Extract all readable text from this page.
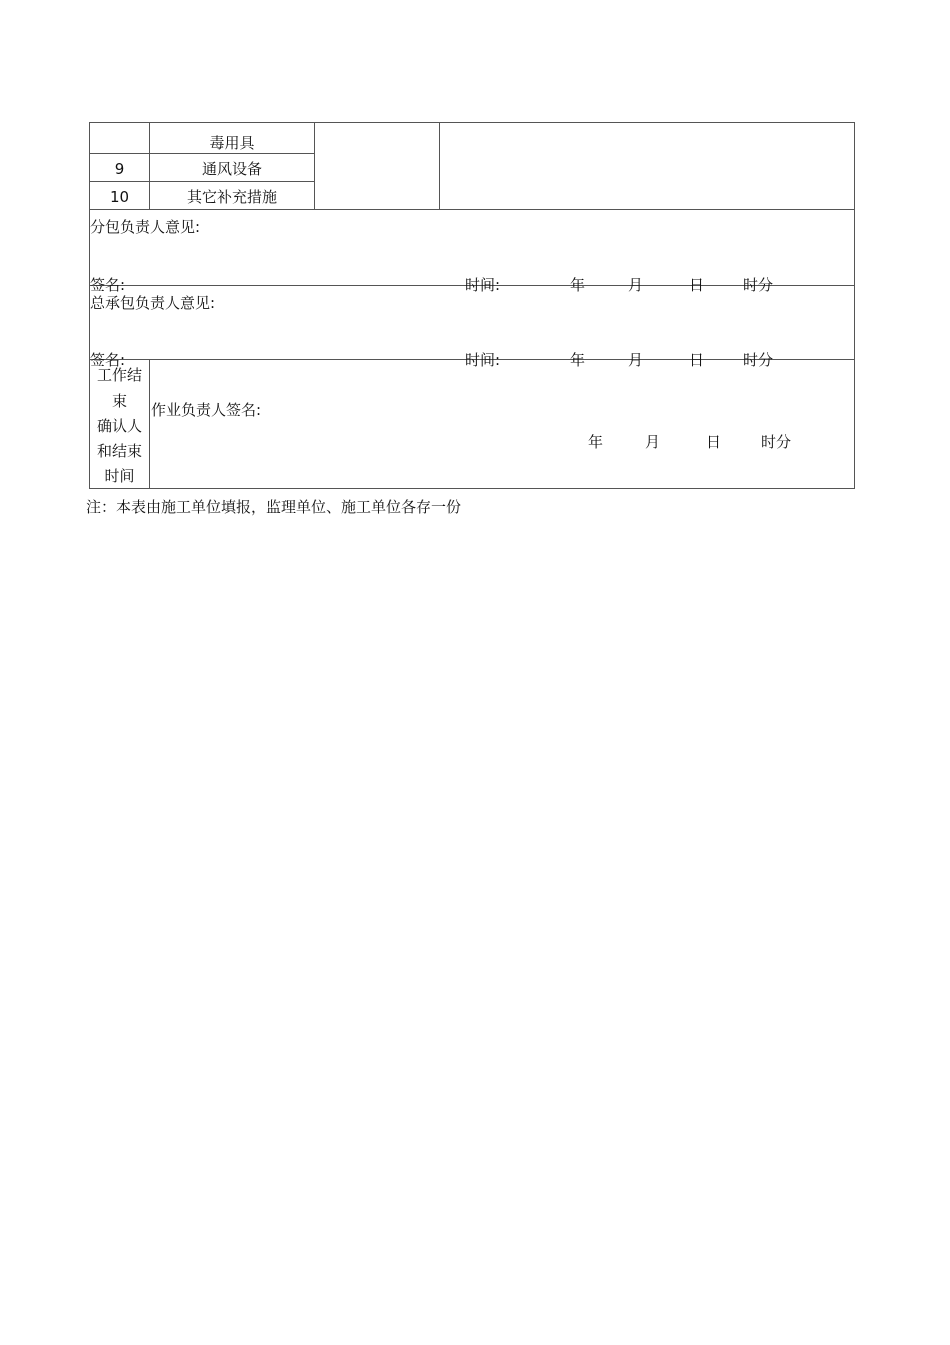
毒用具
9	通风设备
10	其它补充措施
分包负责人意见:
签名:	时间:	年	月	日	时分
总承包负责人意见:
签名:	时间:	年	月	日	时分
工作结
束
确认人
和结束
时间
作业负责人签名:
年	月	日	时分
注：本表由施工单位填报，监理单位、施工单位各存一份
